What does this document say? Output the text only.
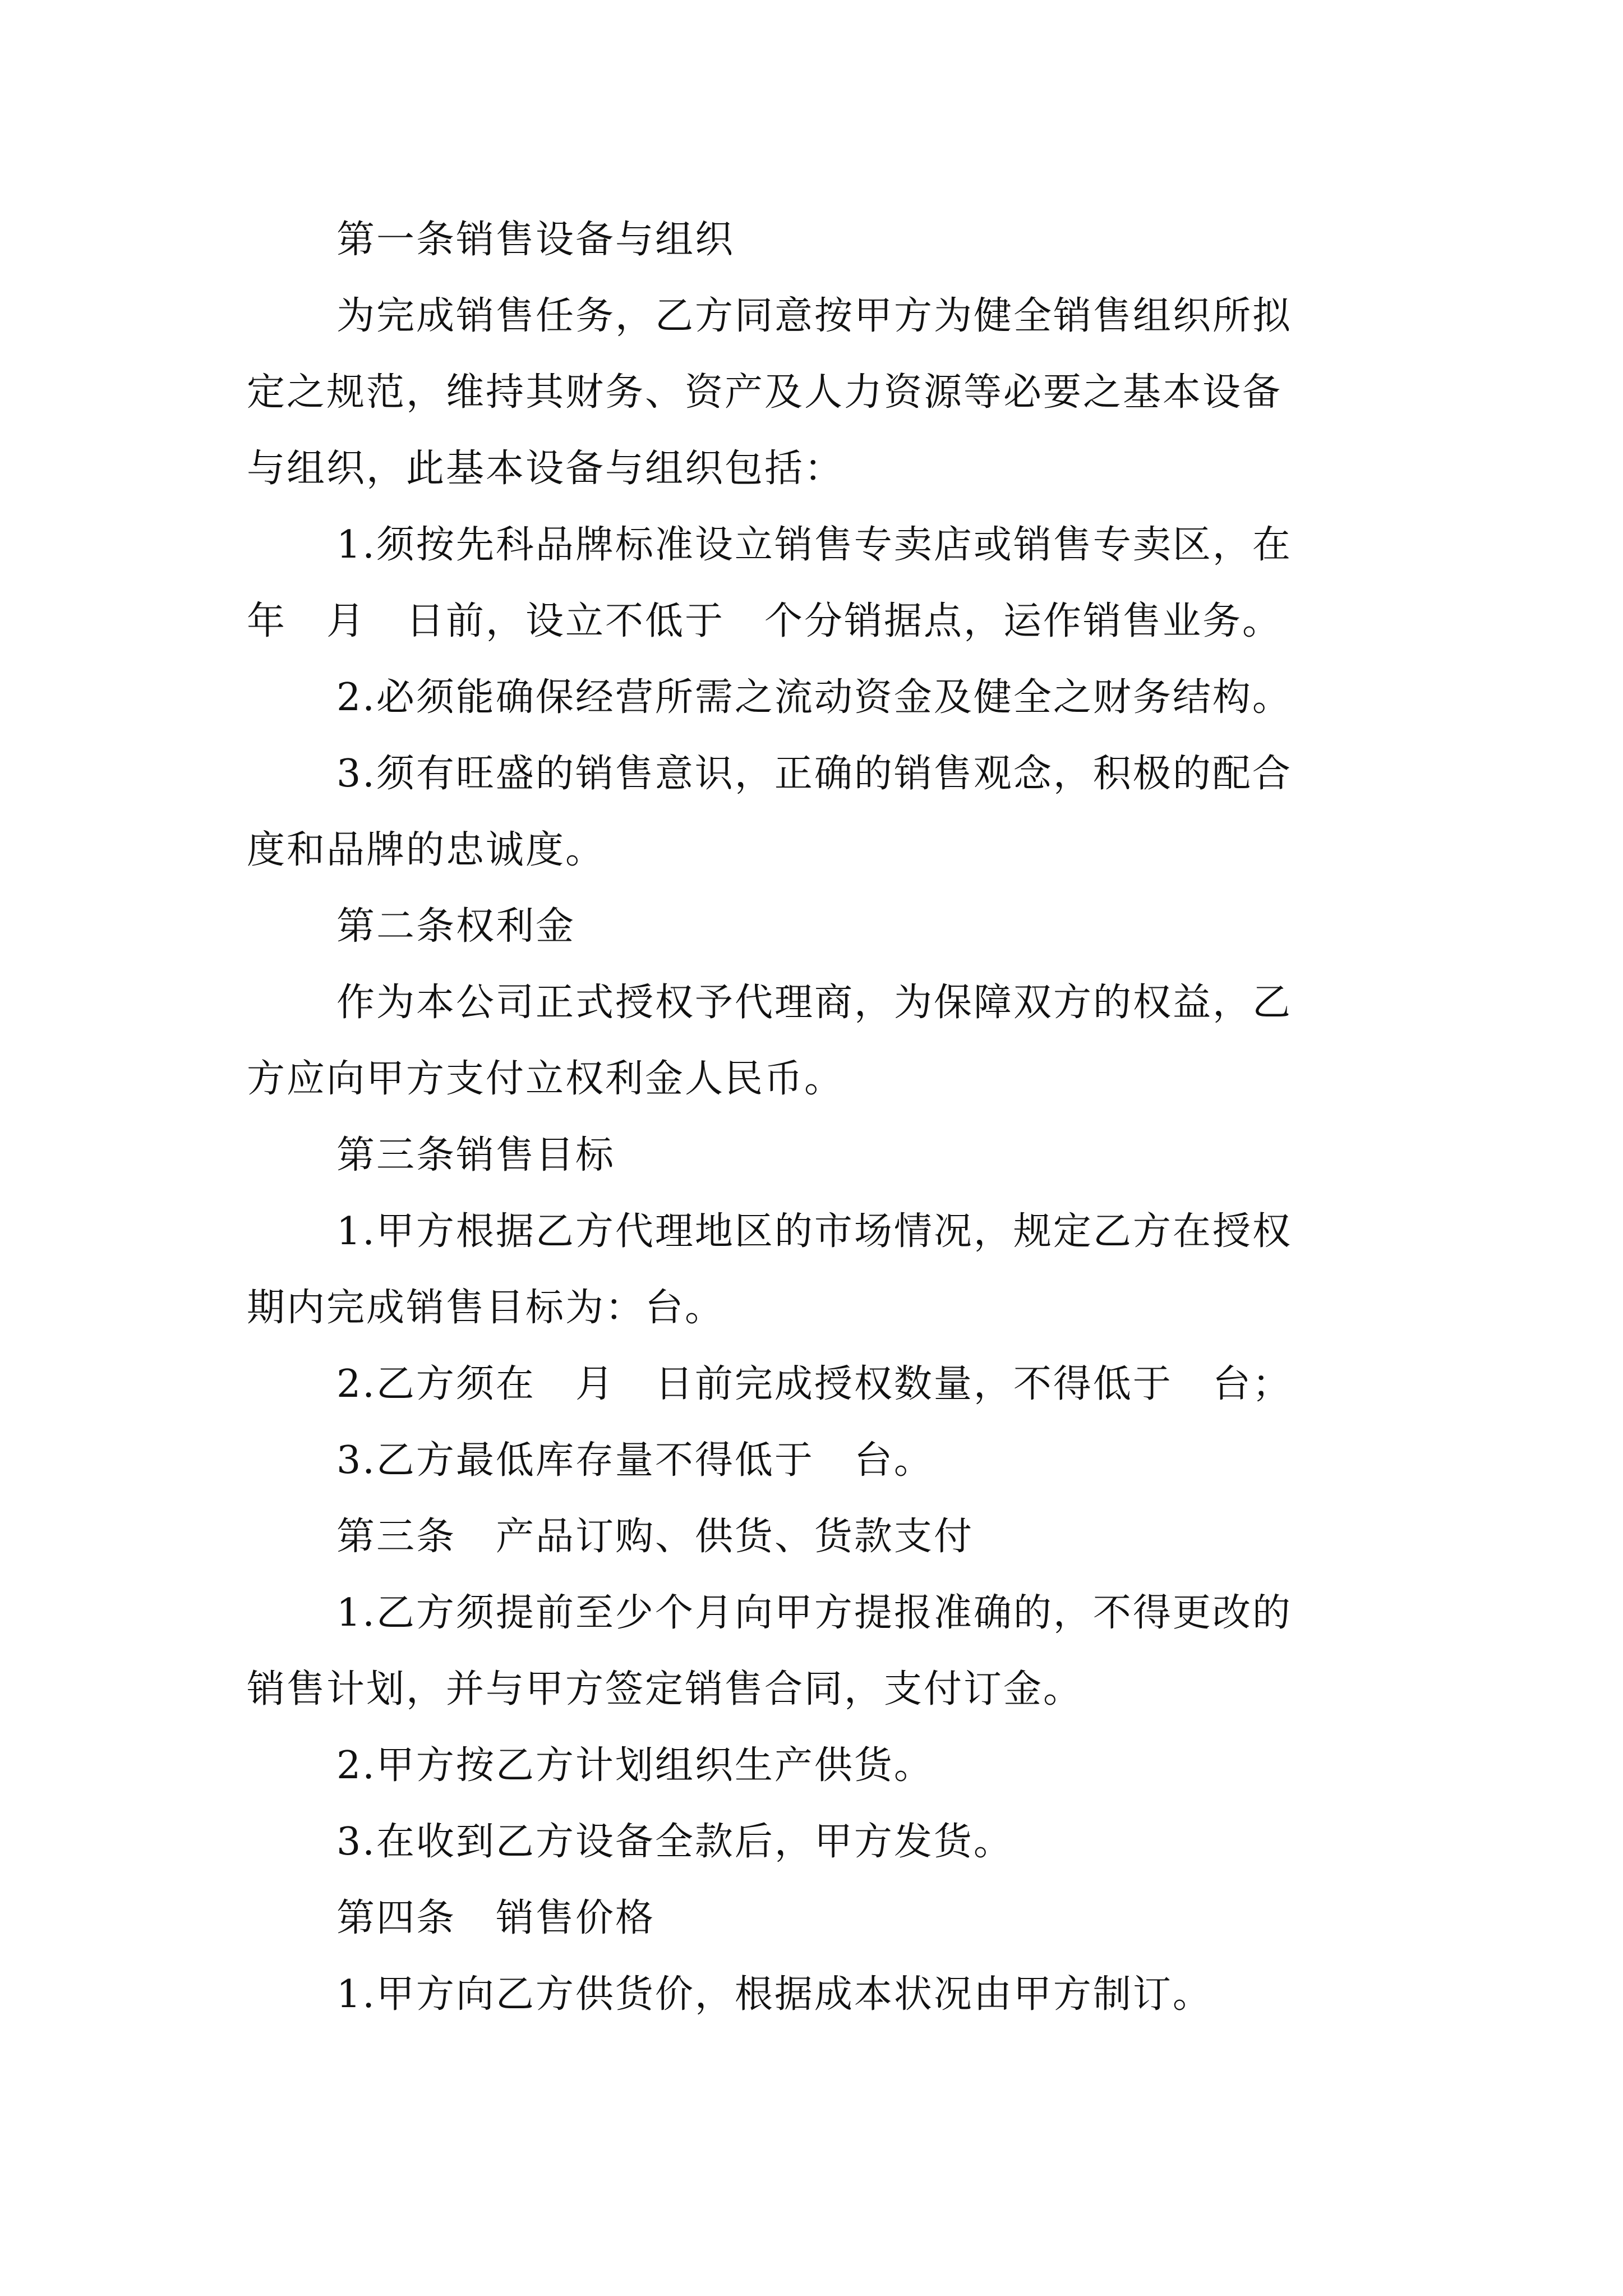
第一条销售设备与组织
为完成销售任务，乙方同意按甲方为健全销售组织所拟
定之规范，维持其财务、资产及人力资源等必要之基本设备
与组织，此基本设备与组织包括：
1.须按先科品牌标准设立销售专卖店或销售专卖区，在
年　月　日前，设立不低于　个分销据点，运作销售业务。
2.必须能确保经营所需之流动资金及健全之财务结构。
3.须有旺盛的销售意识，正确的销售观念，积极的配合
度和品牌的忠诚度。
第二条权利金
作为本公司正式授权予代理商，为保障双方的权益，乙
方应向甲方支付立权利金人民币。
第三条销售目标
1.甲方根据乙方代理地区的市场情况，规定乙方在授权
期内完成销售目标为：台。
2.乙方须在　月　日前完成授权数量，不得低于　台；
3.乙方最低库存量不得低于　台。
第三条　产品订购、供货、货款支付
1.乙方须提前至少个月向甲方提报准确的，不得更改的
销售计划，并与甲方签定销售合同，支付订金。
2.甲方按乙方计划组织生产供货。
3.在收到乙方设备全款后，甲方发货。
第四条　销售价格
1.甲方向乙方供货价，根据成本状况由甲方制订。
